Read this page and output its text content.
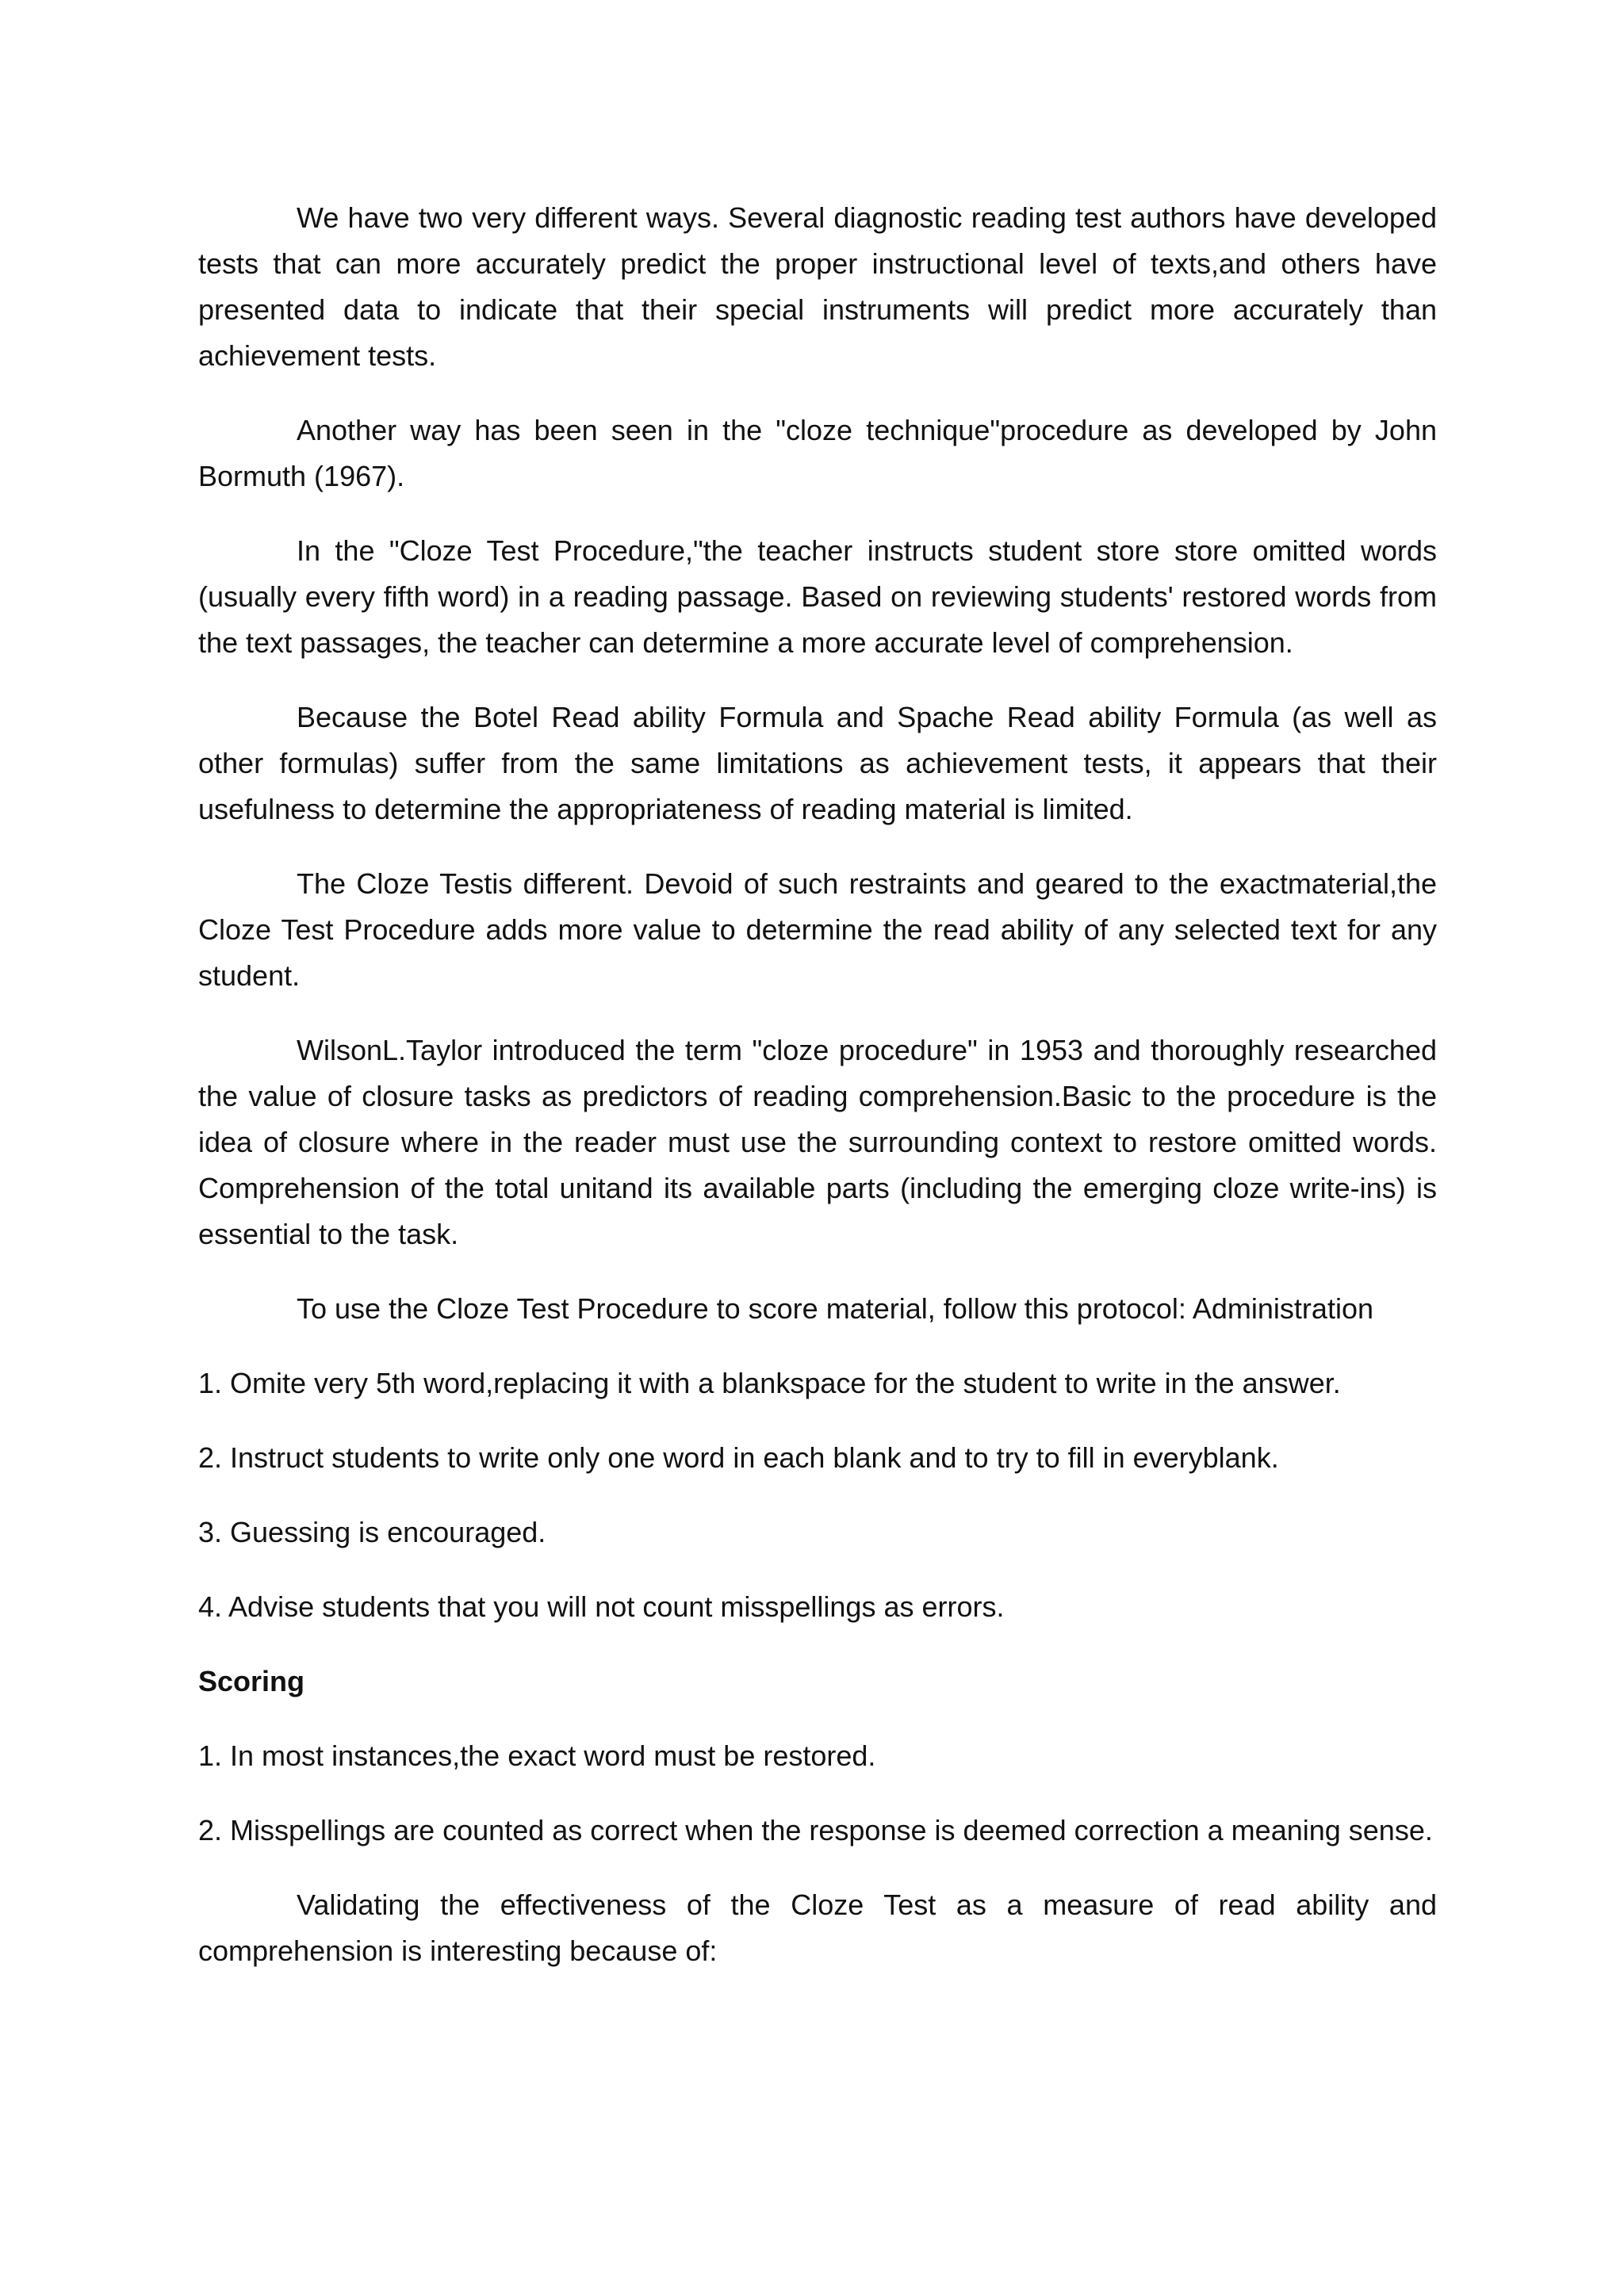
We have two very different ways. Several diagnostic reading test authors have developed tests that can more accurately predict the proper instructional level of texts,and others have presented data to indicate that their special instruments will predict more accurately than achievement tests.

Another way has been seen in the "cloze technique"procedure as developed by John Bormuth (1967).

In the "Cloze Test Procedure,"the teacher instructs student store store omitted words (usually every fifth word) in a reading passage. Based on reviewing students' restored words from the text passages, the teacher can determine a more accurate level of comprehension.

Because the Botel Read ability Formula and Spache Read ability Formula (as well as other formulas) suffer from the same limitations as achievement tests, it appears that their usefulness to determine the appropriateness of reading material is limited.

The Cloze Testis different. Devoid of such restraints and geared to the exactmaterial,the Cloze Test Procedure adds more value to determine the read ability of any selected text for any student.

WilsonL.Taylor introduced the term "cloze procedure" in 1953 and thoroughly researched the value of closure tasks as predictors of reading comprehension.Basic to the procedure is the idea of closure where in the reader must use the surrounding context to restore omitted words. Comprehension of the total unitand its available parts (including the emerging cloze write-ins) is essential to the task.

To use the Cloze Test Procedure to score material, follow this protocol: Administration

1. Omite very 5th word,replacing it with a blankspace for the student to write in the answer.

2. Instruct students to write only one word in each blank and to try to fill in everyblank.

3. Guessing is encouraged.

4. Advise students that you will not count misspellings as errors.

Scoring

1. In most instances,the exact word must be restored.

2. Misspellings are counted as correct when the response is deemed correction a meaning sense.

Validating the effectiveness of the Cloze Test as a measure of read ability and comprehension is interesting because of:
